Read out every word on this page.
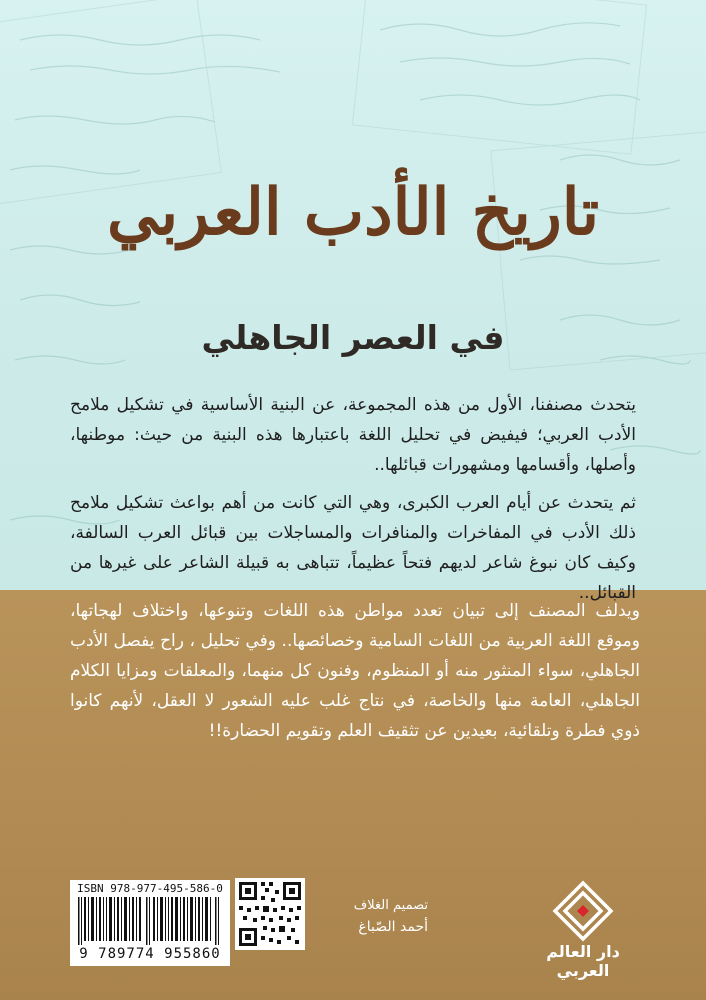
تاريخ الأدب العربي
في العصر الجاهلي

يتحدث مصنفنا، الأول من هذه المجموعة، عن البنية الأساسية في تشكيل ملامح الأدب العربي؛ فيفيض في تحليل اللغة باعتبارها هذه البنية من حيث: موطنها، وأصلها، وأقسامها ومشهورات قبائلها..

ثم يتحدث عن أيام العرب الكبرى، وهي التي كانت من أهم بواعث تشكيل ملامح ذلك الأدب في المفاخرات والمنافرات والمساجلات بين قبائل العرب السالفة، وكيف كان نبوغ شاعر لديهم فتحاً عظيماً، تتباهى به قبيلة الشاعر على غيرها من القبائل..

ويدلف المصنف إلى تبيان تعدد مواطن هذه اللغات وتنوعها، واختلاف لهجاتها، وموقع اللغة العربية من اللغات السامية وخصائصها.. وفي تحليل ، راح يفصل الأدب الجاهلي، سواء المنثور منه أو المنظوم، وفنون كل منهما، والمعلقات ومزايا الكلام الجاهلي، العامة منها والخاصة، في نتاج غلب عليه الشعور لا العقل، لأنهم كانوا ذوي فطرة وتلقائية، بعيدين عن تثقيف العلم وتقويم الحضارة!!

ISBN 978-977-495-586-0
9 789774 955860

تصميم الغلاف
أحمد الصّباغ

دار العالم العربي
